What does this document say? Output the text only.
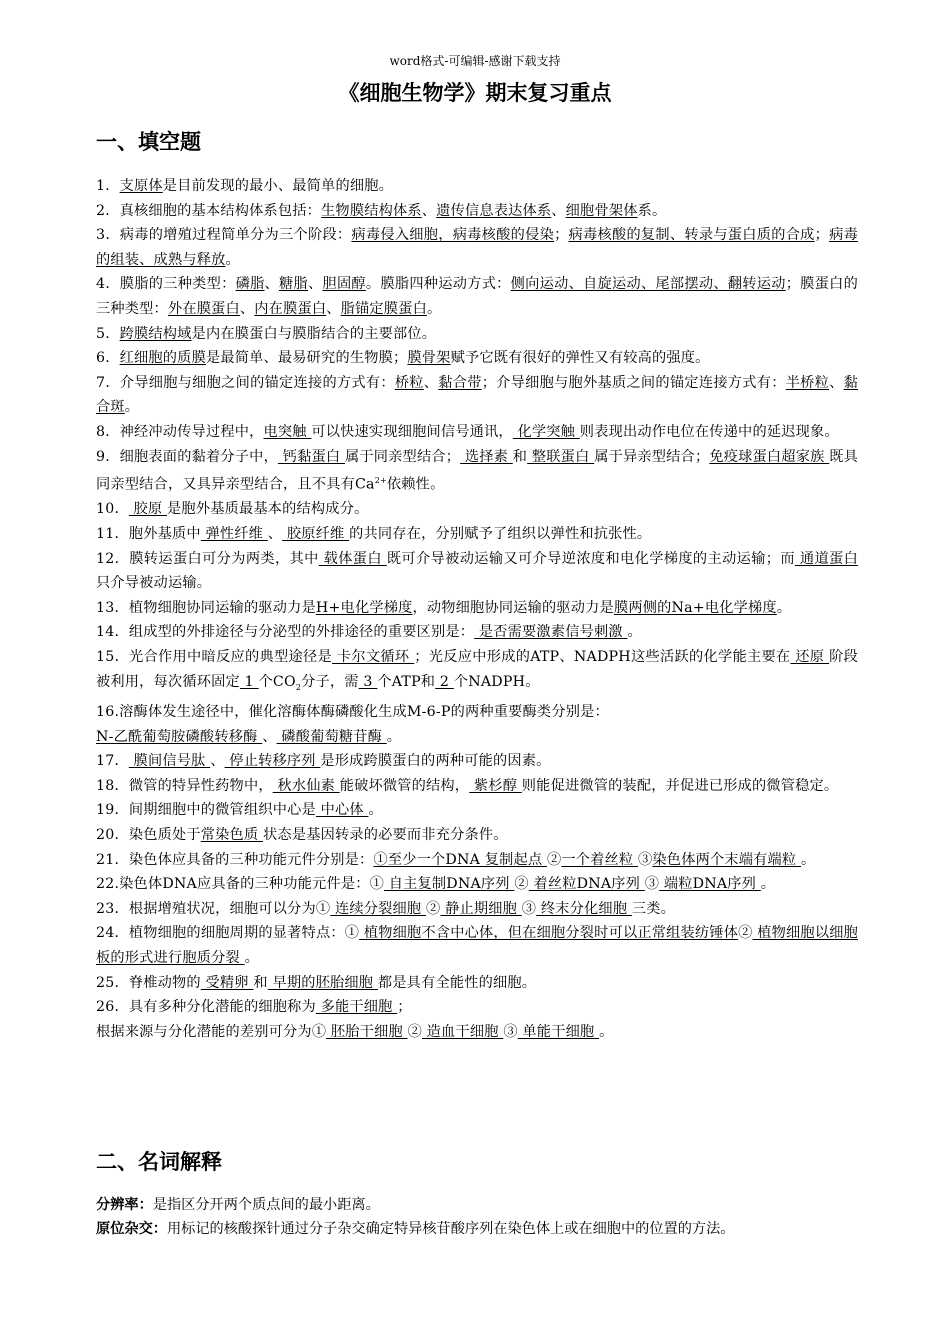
word格式-可编辑-感谢下载支持
《细胞生物学》期末复习重点
一、填空题

1．支原体是目前发现的最小、最简单的细胞。

2．真核细胞的基本结构体系包括：生物膜结构体系、遗传信息表达体系、细胞骨架体系。

3．病毒的增殖过程简单分为三个阶段：病毒侵入细胞，病毒核酸的侵染；病毒核酸的复制、转录与蛋白质的合成；病毒的组装、成熟与释放。

4．膜脂的三种类型：磷脂、糖脂、胆固醇。膜脂四种运动方式：侧向运动、自旋运动、尾部摆动、翻转运动；膜蛋白的三种类型：外在膜蛋白、内在膜蛋白、脂锚定膜蛋白。

5．跨膜结构域是内在膜蛋白与膜脂结合的主要部位。

6．红细胞的质膜是最简单、最易研究的生物膜；膜骨架赋予它既有很好的弹性又有较高的强度。

7．介导细胞与细胞之间的锚定连接的方式有：桥粒、黏合带；介导细胞与胞外基质之间的锚定连接方式有：半桥粒、黏合斑。

8．神经冲动传导过程中，电突触 可以快速实现细胞间信号通讯， 化学突触 则表现出动作电位在传递中的延迟现象。

9．细胞表面的黏着分子中， 钙黏蛋白 属于同亲型结合； 选择素 和 整联蛋白 属于异亲型结合；免疫球蛋白超家族 既具同亲型结合，又具异亲型结合，且不具有$Ca^{2+}$依赖性。

10． 胶原 是胞外基质最基本的结构成分。

11．胞外基质中 弹性纤维 、 胶原纤维 的共同存在，分别赋予了组织以弹性和抗张性。

12．膜转运蛋白可分为两类，其中 载体蛋白 既可介导被动运输又可介导逆浓度和电化学梯度的主动运输；而 通道蛋白 只介导被动运输。

13．植物细胞协同运输的驱动力是H+电化学梯度，动物细胞协同运输的驱动力是膜两侧的Na+电化学梯度。

14．组成型的外排途径与分泌型的外排途径的重要区别是： 是否需要激素信号刺激 。

15．光合作用中暗反应的典型途径是 卡尔文循环 ；光反应中形成的ATP、NADPH这些活跃的化学能主要在 还原 阶段被利用，每次循环固定 1 个$CO_2$分子，需 3 个ATP和 2 个NADPH。

16.溶酶体发生途径中，催化溶酶体酶磷酸化生成M-6-P的两种重要酶类分别是：
N-乙酰葡萄胺磷酸转移酶 、 磷酸葡萄糖苷酶 。

17． 膜间信号肽 、 停止转移序列 是形成跨膜蛋白的两种可能的因素。

18．微管的特异性药物中， 秋水仙素 能破坏微管的结构， 紫杉醇 则能促进微管的装配，并促进已形成的微管稳定。

19．间期细胞中的微管组织中心是 中心体 。

20．染色质处于常染色质 状态是基因转录的必要而非充分条件。

21．染色体应具备的三种功能元件分别是：①至少一个DNA 复制起点 ②一个着丝粒 ③染色体两个末端有端粒 。

22.染色体DNA应具备的三种功能元件是：① 自主复制DNA序列 ② 着丝粒DNA序列 ③ 端粒DNA序列 。

23．根据增殖状况，细胞可以分为① 连续分裂细胞 ② 静止期细胞 ③ 终末分化细胞 三类。

24．植物细胞的细胞周期的显著特点：① 植物细胞不含中心体，但在细胞分裂时可以正常组装纺锤体② 植物细胞以细胞板的形式进行胞质分裂 。

25．脊椎动物的 受精卵 和 早期的胚胎细胞 都是具有全能性的细胞。

26．具有多种分化潜能的细胞称为 多能干细胞 ；

根据来源与分化潜能的差别可分为① 胚胎干细胞 ② 造血干细胞 ③ 单能干细胞 。

二、名词解释

分辨率：是指区分开两个质点间的最小距离。

原位杂交：用标记的核酸探针通过分子杂交确定特异核苷酸序列在染色体上或在细胞中的位置的方法。
